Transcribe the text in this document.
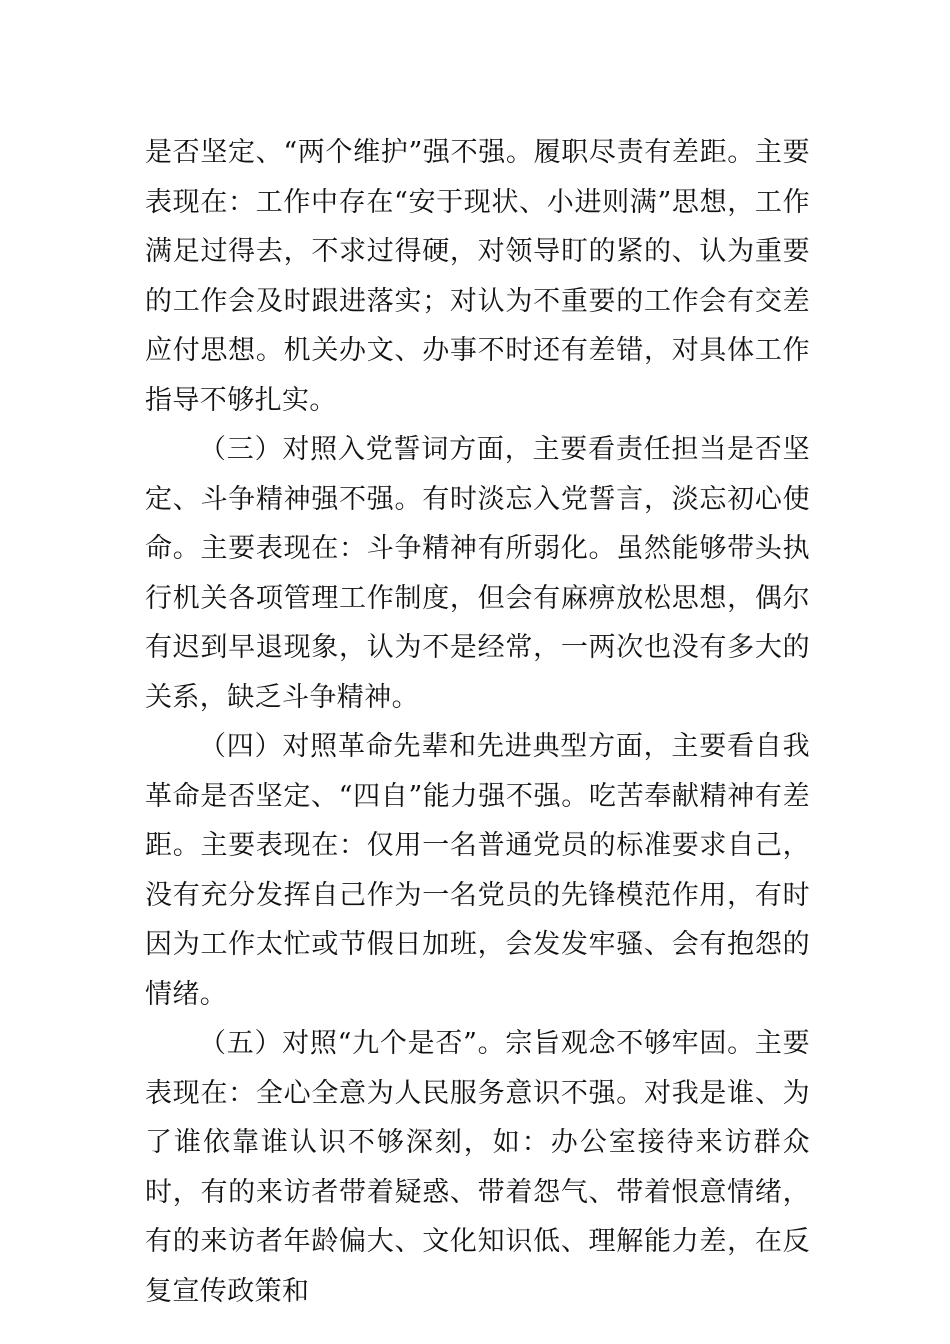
是否坚定、“两个维护”强不强。履职尽责有差距。主要表现在：工作中存在“安于现状、小进则满”思想，工作满足过得去，不求过得硬，对领导盯的紧的、认为重要的工作会及时跟进落实；对认为不重要的工作会有交差应付思想。机关办文、办事不时还有差错，对具体工作指导不够扎实。

（三）对照入党誓词方面，主要看责任担当是否坚定、斗争精神强不强。有时淡忘入党誓言，淡忘初心使命。主要表现在：斗争精神有所弱化。虽然能够带头执行机关各项管理工作制度，但会有麻痹放松思想，偶尔有迟到早退现象，认为不是经常，一两次也没有多大的关系，缺乏斗争精神。

（四）对照革命先辈和先进典型方面，主要看自我革命是否坚定、“四自”能力强不强。吃苦奉献精神有差距。主要表现在：仅用一名普通党员的标准要求自己，没有充分发挥自己作为一名党员的先锋模范作用，有时因为工作太忙或节假日加班，会发发牢骚、会有抱怨的情绪。

（五）对照“九个是否”。宗旨观念不够牢固。主要表现在：全心全意为人民服务意识不强。对我是谁、为了谁依靠谁认识不够深刻，如：办公室接待来访群众时，有的来访者带着疑惑、带着怨气、带着恨意情绪，有的来访者年龄偏大、文化知识低、理解能力差，在反复宣传政策和
